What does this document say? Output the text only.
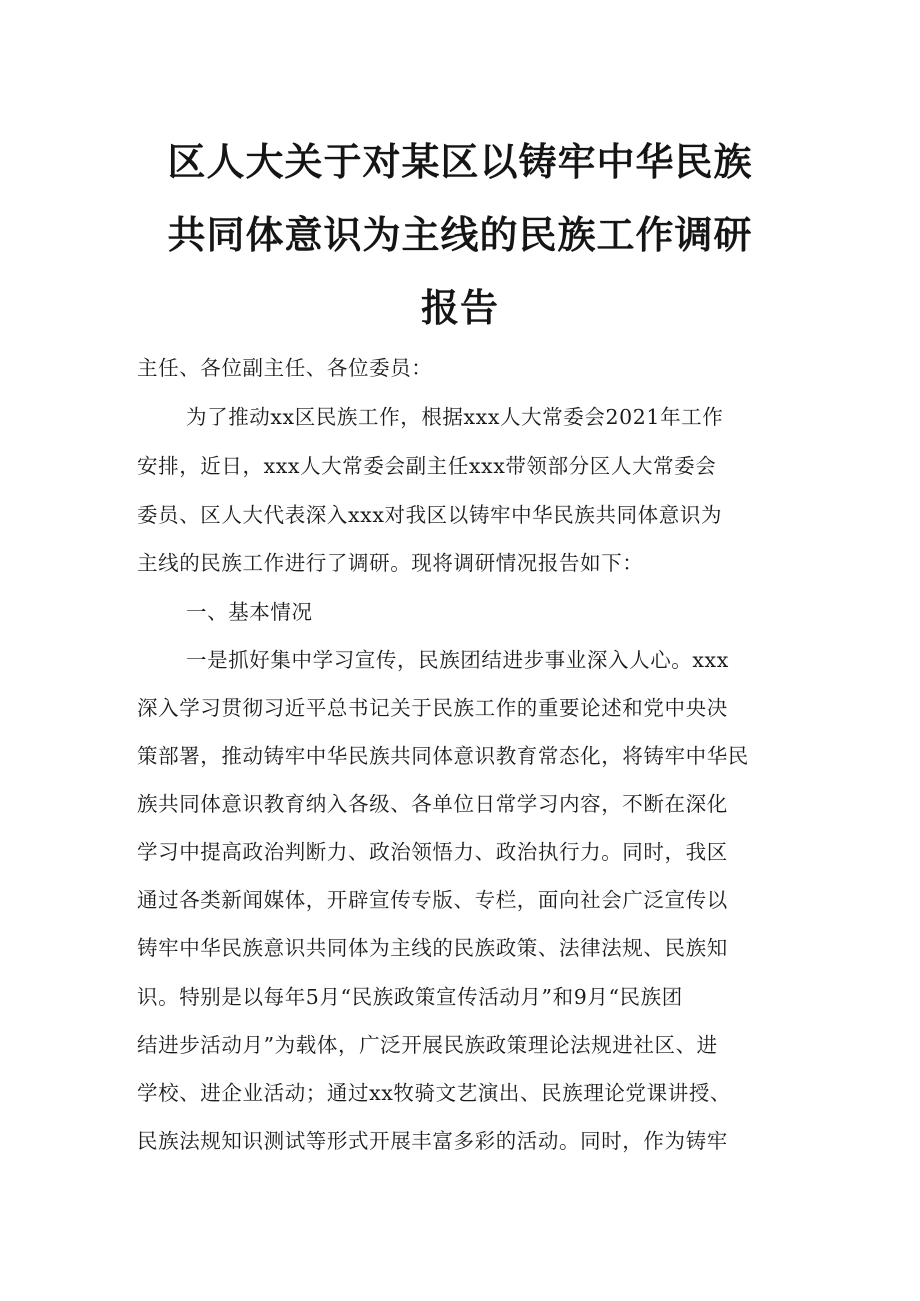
区人大关于对某区以铸牢中华民族
共同体意识为主线的民族工作调研
报告
主任、各位副主任、各位委员：
为了推动xx区民族工作，根据xxx人大常委会2021年工作
安排，近日，xxx人大常委会副主任xxx带领部分区人大常委会
委员、区人大代表深入xxx对我区以铸牢中华民族共同体意识为
主线的民族工作进行了调研。现将调研情况报告如下：
一、基本情况
一是抓好集中学习宣传，民族团结进步事业深入人心。xxx
深入学习贯彻习近平总书记关于民族工作的重要论述和党中央决
策部署，推动铸牢中华民族共同体意识教育常态化，将铸牢中华民
族共同体意识教育纳入各级、各单位日常学习内容，不断在深化
学习中提高政治判断力、政治领悟力、政治执行力。同时，我区
通过各类新闻媒体，开辟宣传专版、专栏，面向社会广泛宣传以
铸牢中华民族意识共同体为主线的民族政策、法律法规、民族知
识。特别是以每年5月“民族政策宣传活动月”和9月“民族团
结进步活动月”为载体，广泛开展民族政策理论法规进社区、进
学校、进企业活动；通过xx牧骑文艺演出、民族理论党课讲授、
民族法规知识测试等形式开展丰富多彩的活动。同时，作为铸牢
